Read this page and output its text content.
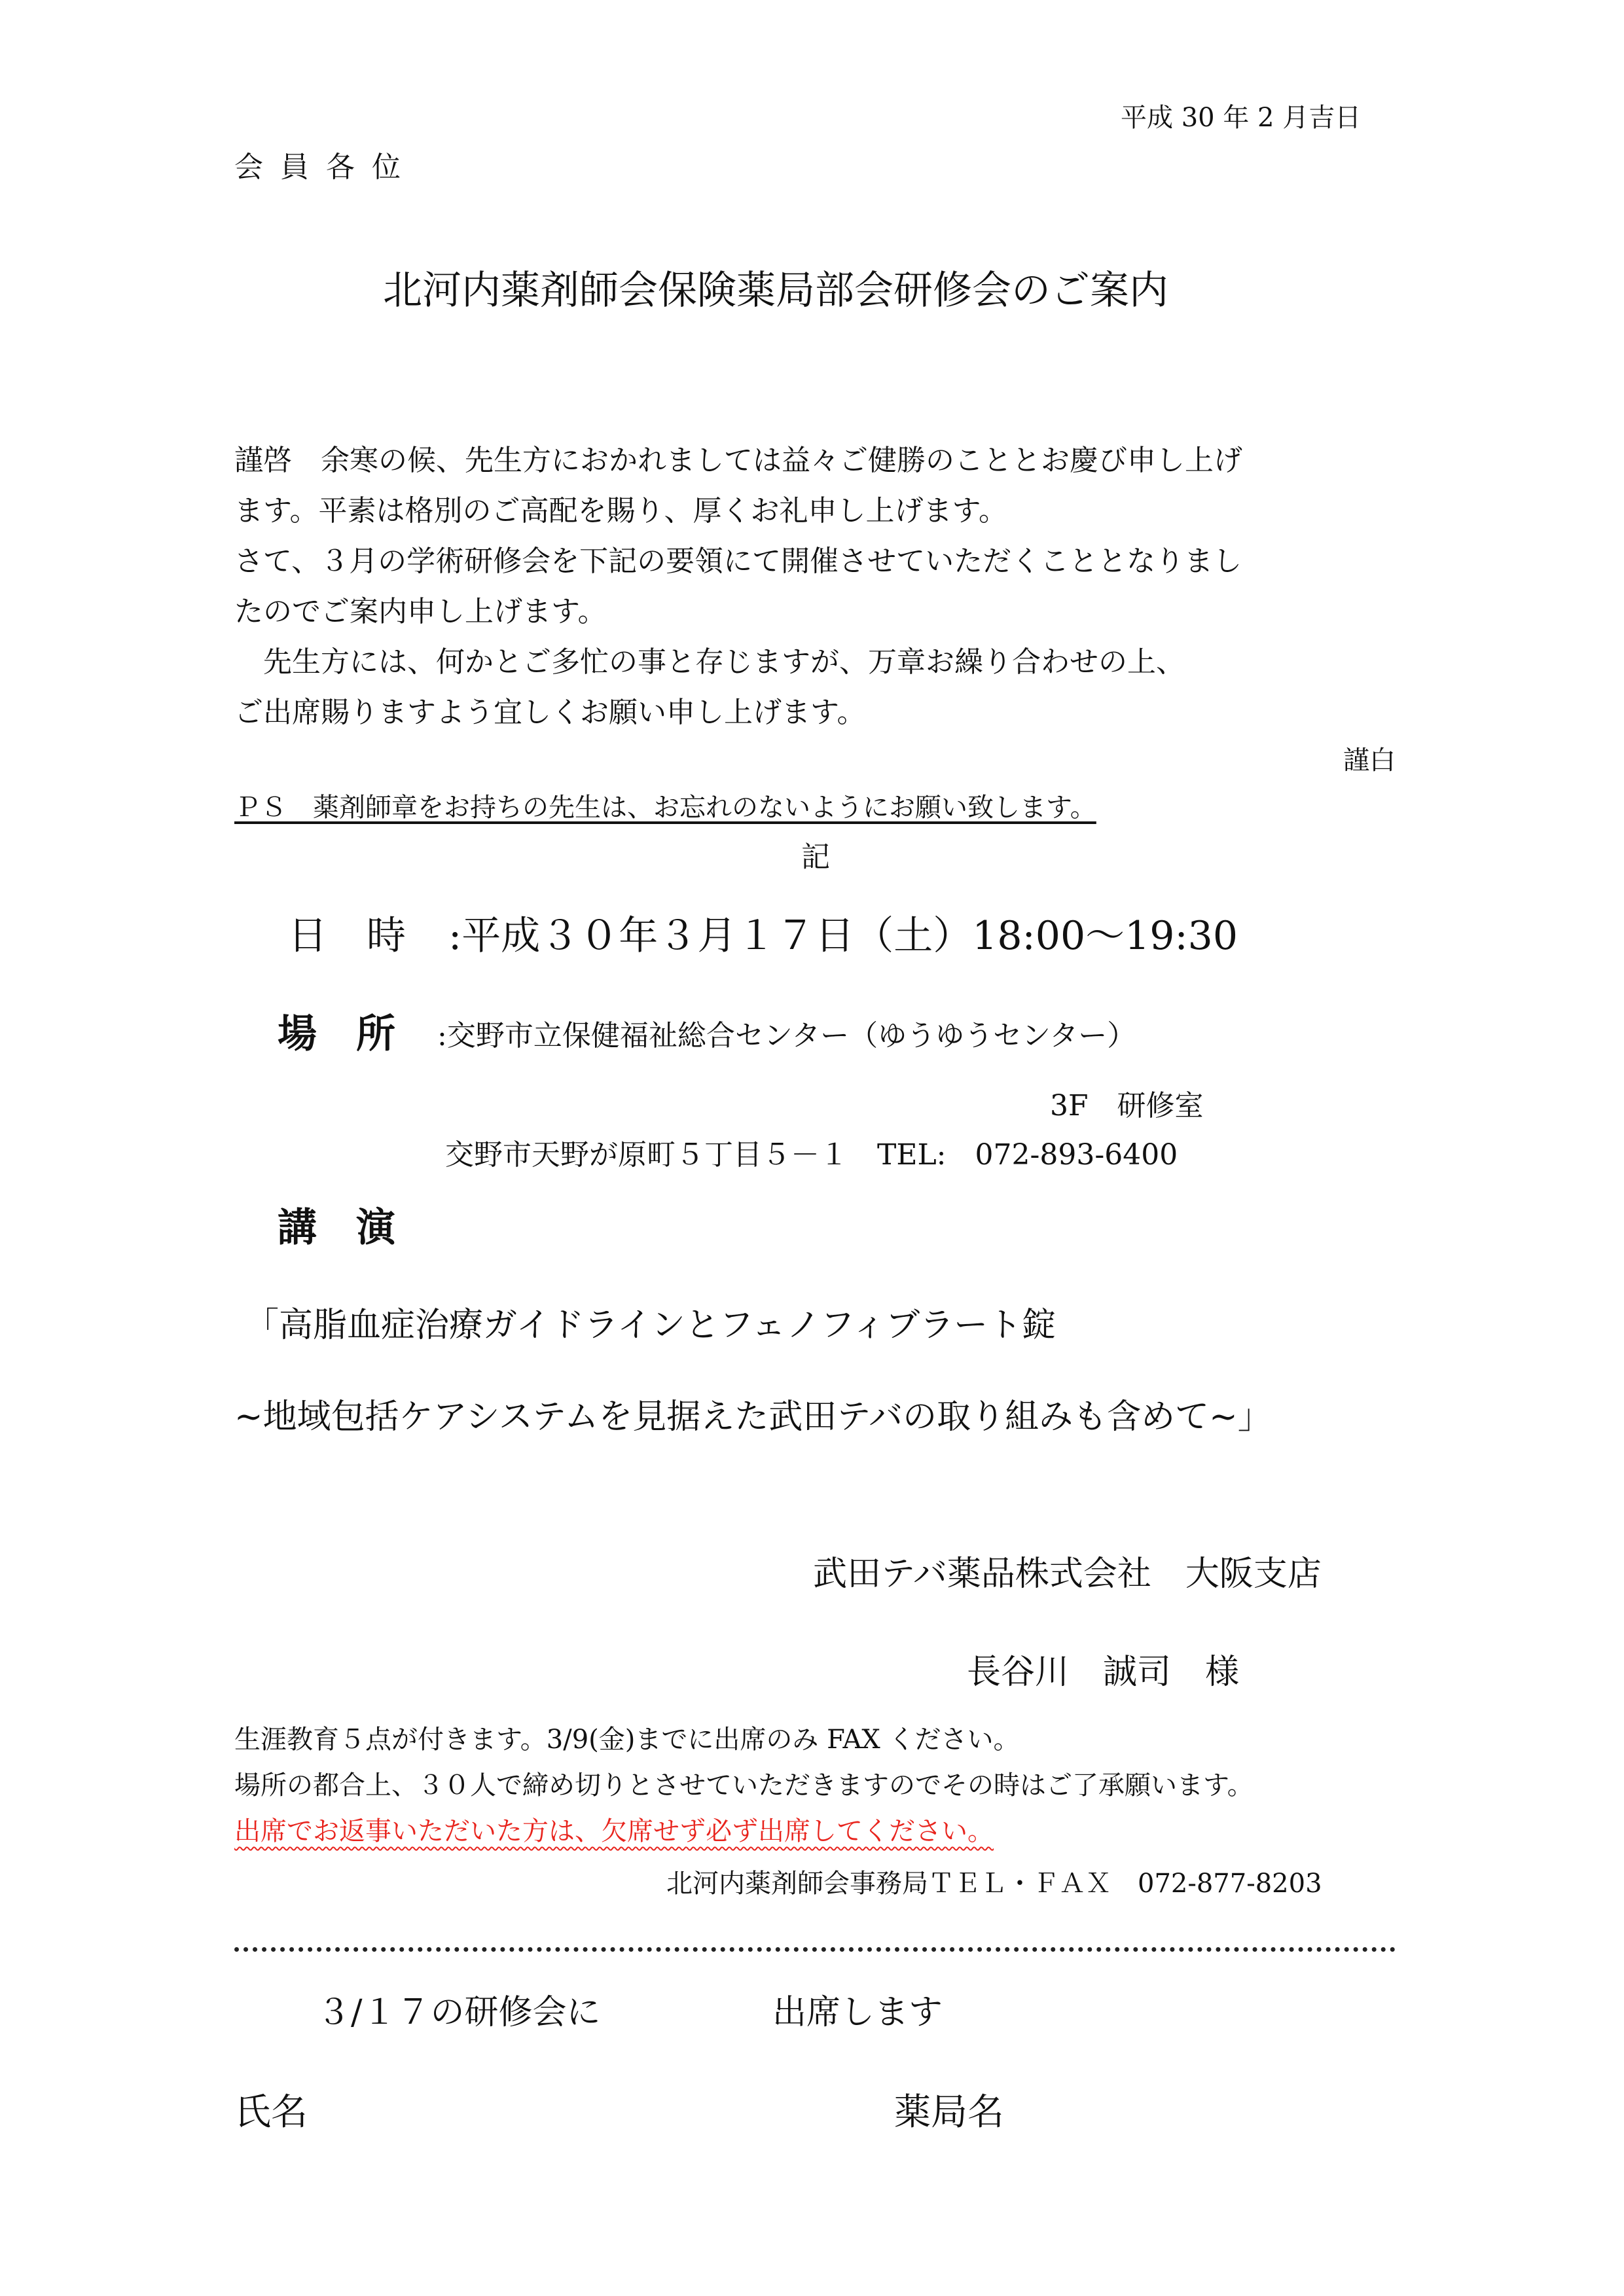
平成 30 年 2 月吉日
会 員 各 位
北河内薬剤師会保険薬局部会研修会のご案内
謹啓　余寒の候、先生方におかれましては益々ご健勝のこととお慶び申し上げ
ます。平素は格別のご高配を賜り、厚くお礼申し上げます。
さて、３月の学術研修会を下記の要領にて開催させていただくこととなりまし
たのでご案内申し上げます。
　先生方には、何かとご多忙の事と存じますが、万章お繰り合わせの上、
ご出席賜りますよう宜しくお願い申し上げます。
謹白
ＰＳ　薬剤師章をお持ちの先生は、お忘れのないようにお願い致します。
記
日　時 :平成３０年３月１７日（土）18:00〜19:30
場　所 :交野市立保健福祉総合センター（ゆうゆうセンター）
3F　研修室
交野市天野が原町５丁目５－１　TEL:　072-893-6400
講　演
「高脂血症治療ガイドラインとフェノフィブラート錠
~地域包括ケアシステムを見据えた武田テバの取り組みも含めて~」
武田テバ薬品株式会社　大阪支店
長谷川　誠司　様
生涯教育５点が付きます。3/9(金)までに出席のみ FAX ください。
場所の都合上、３０人で締め切りとさせていただきますのでその時はご了承願います。
出席でお返事いただいた方は、欠席せず必ず出席してください。
北河内薬剤師会事務局ＴＥＬ・ＦＡＸ　072-877-8203
３/１７の研修会に	出席します
氏名	薬局名
